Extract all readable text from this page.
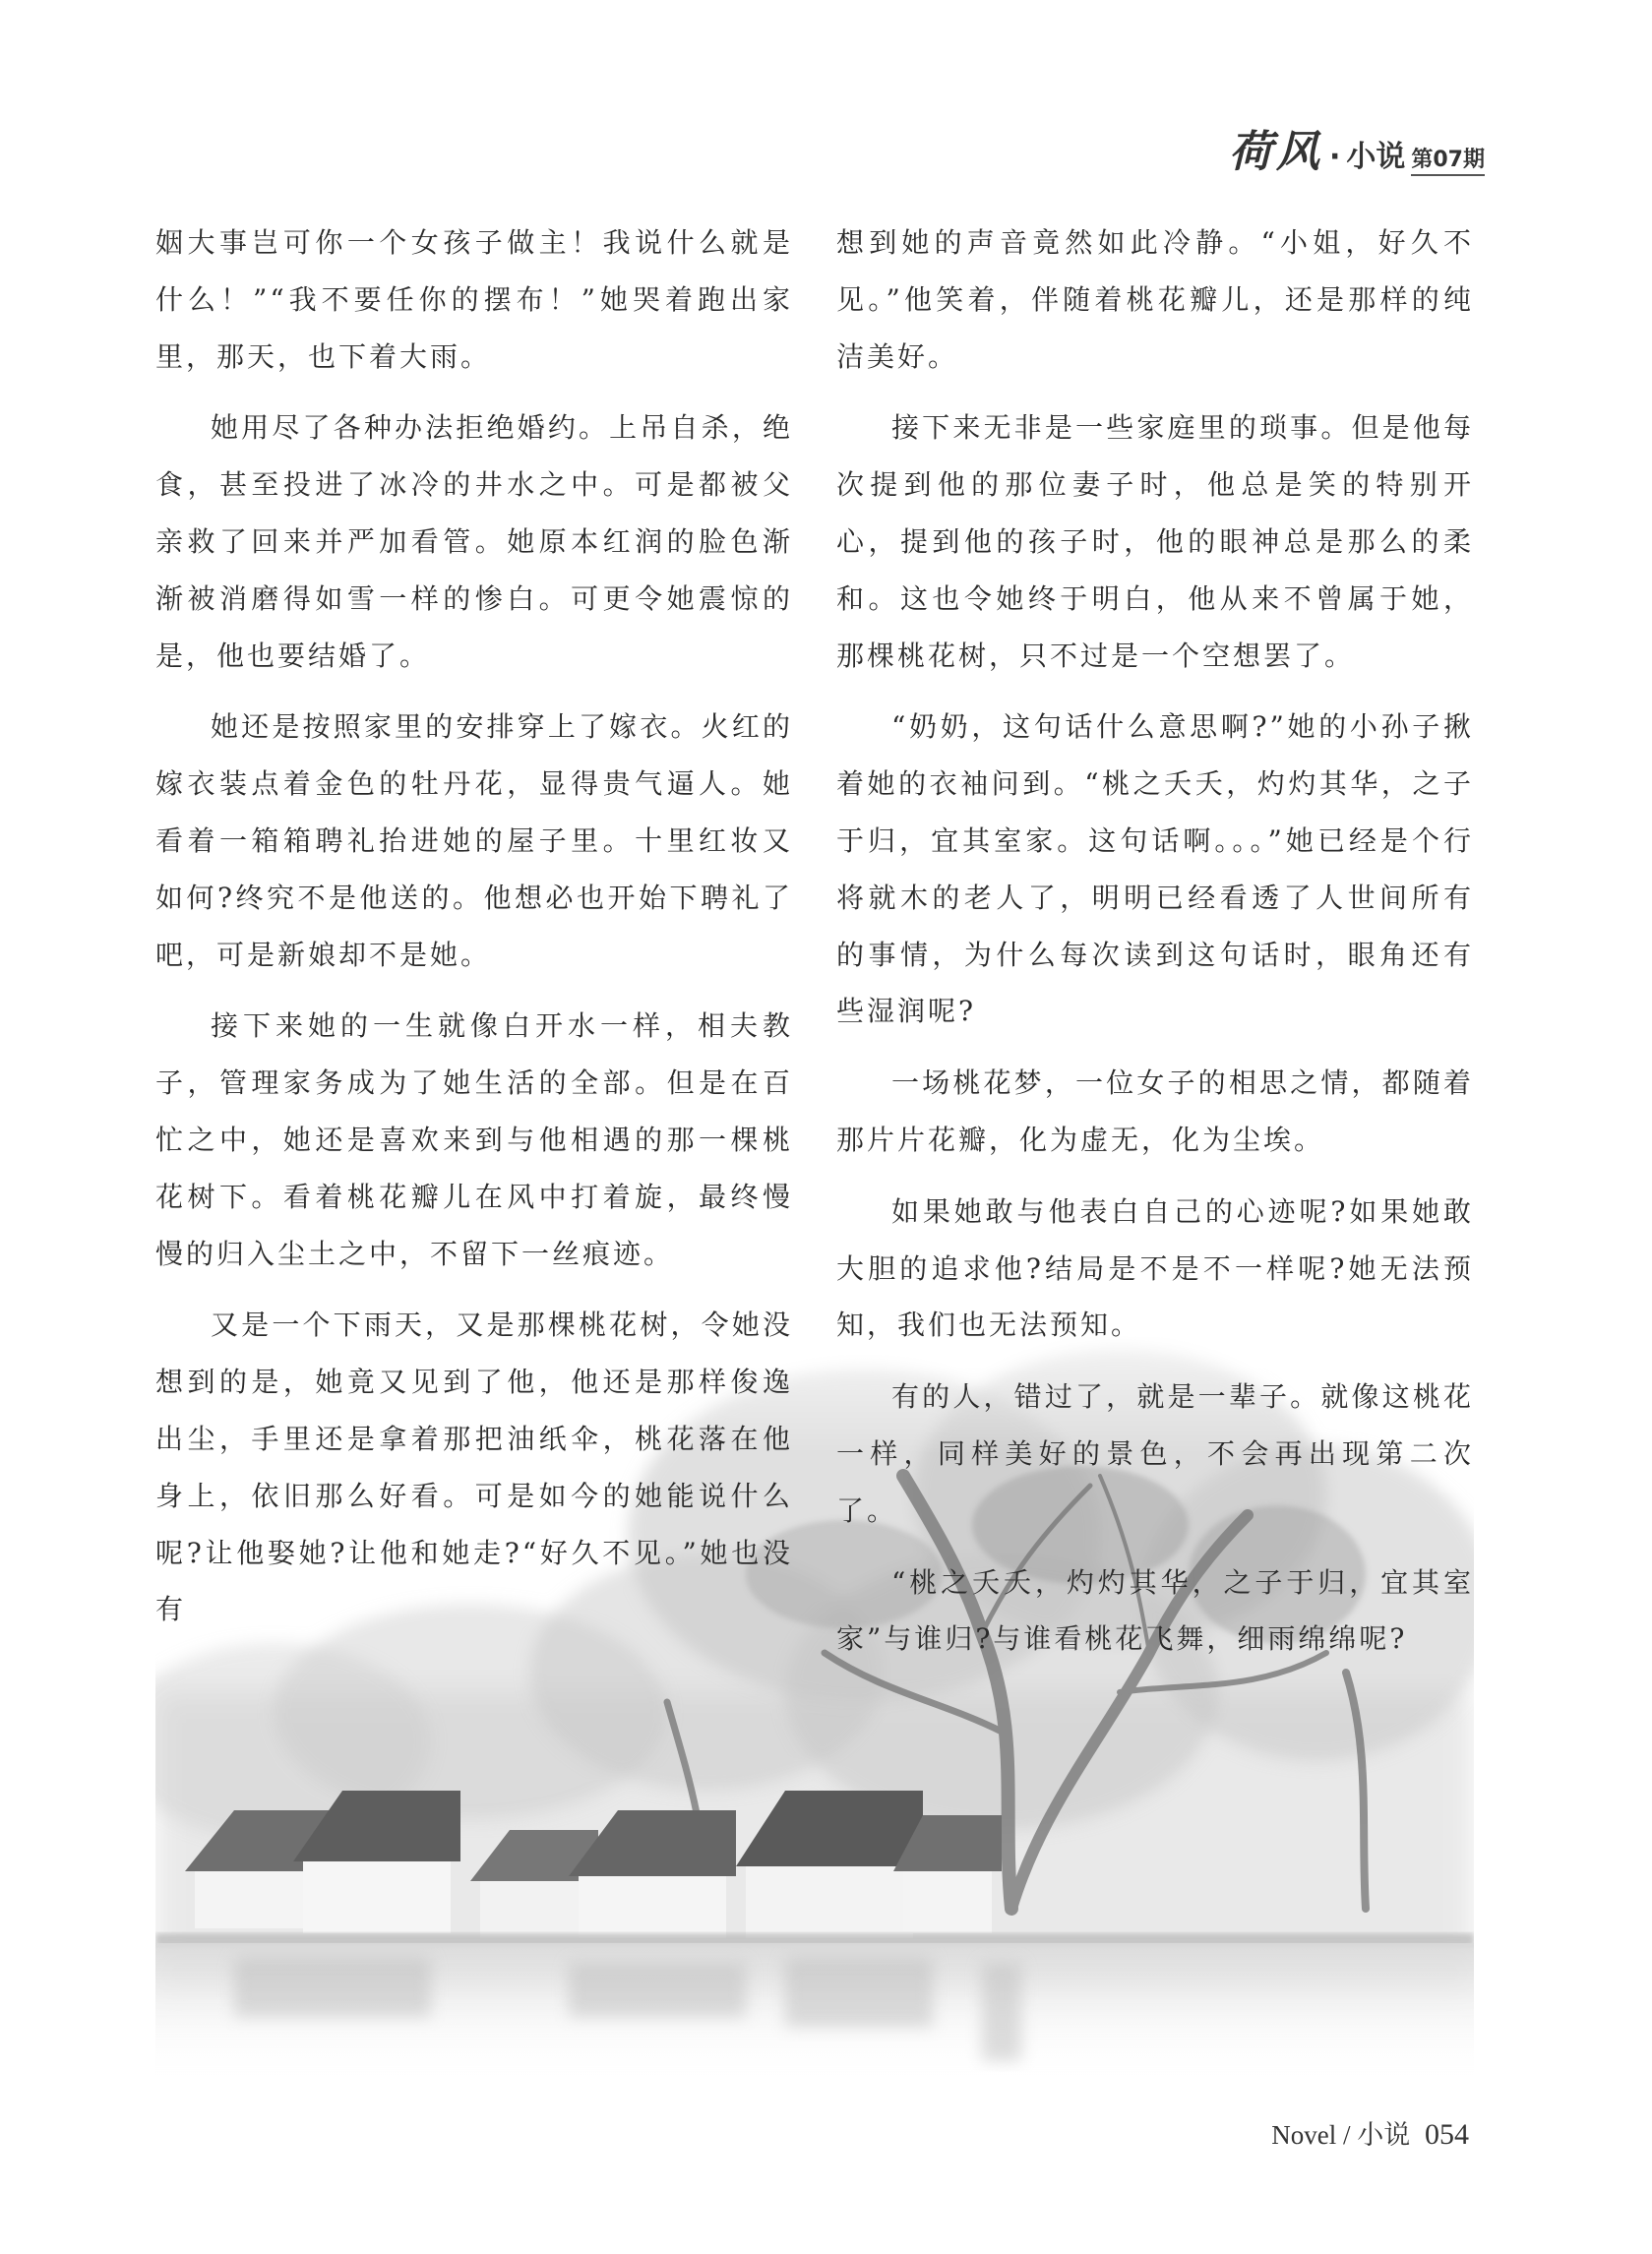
荷风 · 小说 第07期

姻大事岂可你一个女孩子做主！我说什么就是什么！”“我不要任你的摆布！”她哭着跑出家里，那天，也下着大雨。

她用尽了各种办法拒绝婚约。上吊自杀，绝食，甚至投进了冰冷的井水之中。可是都被父亲救了回来并严加看管。她原本红润的脸色渐渐被消磨得如雪一样的惨白。可更令她震惊的是，他也要结婚了。

她还是按照家里的安排穿上了嫁衣。火红的嫁衣装点着金色的牡丹花，显得贵气逼人。她看着一箱箱聘礼抬进她的屋子里。十里红妆又如何?终究不是他送的。他想必也开始下聘礼了吧，可是新娘却不是她。

接下来她的一生就像白开水一样，相夫教子，管理家务成为了她生活的全部。但是在百忙之中，她还是喜欢来到与他相遇的那一棵桃花树下。看着桃花瓣儿在风中打着旋，最终慢慢的归入尘土之中，不留下一丝痕迹。

又是一个下雨天，又是那棵桃花树，令她没想到的是，她竟又见到了他，他还是那样俊逸出尘，手里还是拿着那把油纸伞，桃花落在他身上，依旧那么好看。可是如今的她能说什么呢?让他娶她?让他和她走?“好久不见。”她也没有

想到她的声音竟然如此冷静。“小姐，好久不见。”他笑着，伴随着桃花瓣儿，还是那样的纯洁美好。

接下来无非是一些家庭里的琐事。但是他每次提到他的那位妻子时，他总是笑的特别开心，提到他的孩子时，他的眼神总是那么的柔和。这也令她终于明白，他从来不曾属于她，那棵桃花树，只不过是一个空想罢了。

“奶奶，这句话什么意思啊?”她的小孙子揪着她的衣袖问到。“桃之夭夭，灼灼其华，之子于归，宜其室家。这句话啊。。。”她已经是个行将就木的老人了，明明已经看透了人世间所有的事情，为什么每次读到这句话时，眼角还有些湿润呢?

一场桃花梦，一位女子的相思之情，都随着那片片花瓣，化为虚无，化为尘埃。

如果她敢与他表白自己的心迹呢?如果她敢大胆的追求他?结局是不是不一样呢?她无法预知，我们也无法预知。

有的人，错过了，就是一辈子。就像这桃花一样，同样美好的景色，不会再出现第二次了。

“桃之夭夭，灼灼其华，之子于归，宜其室家”与谁归?与谁看桃花飞舞，细雨绵绵呢?

Novel / 小说 054
